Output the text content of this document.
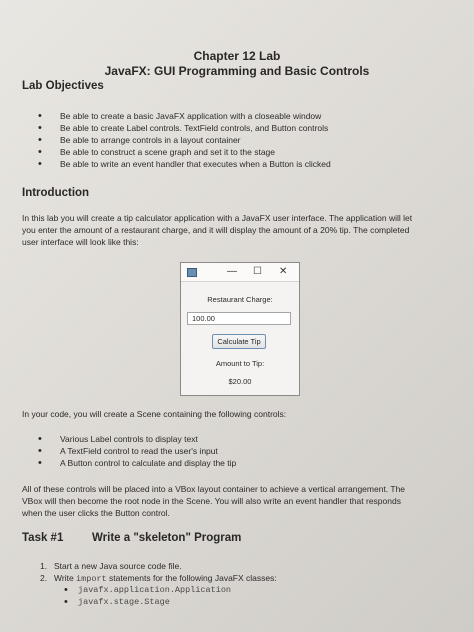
Chapter 12 Lab
JavaFX: GUI Programming and Basic Controls
Lab Objectives
• Be able to create a basic JavaFX application with a closeable window
• Be able to create Label controls. TextField controls, and Button controls
• Be able to arrange controls in a layout container
• Be able to construct a scene graph and set it to the stage
• Be able to write an event handler that executes when a Button is clicked
Introduction
In this lab you will create a tip calculator application with a JavaFX user interface. The application will let
you enter the amount of a restaurant charge, and it will display the amount of a 20% tip. The completed
user interface will look like this:
— ☐ ✕
Restaurant Charge:
100.00
Calculate Tip
Amount to Tip:
$20.00
In your code, you will create a Scene containing the following controls:
• Various Label controls to display text
• A TextField control to read the user's input
• A Button control to calculate and display the tip
All of these controls will be placed into a VBox layout container to achieve a vertical arrangement. The
VBox will then become the root node in the Scene. You will also write an event handler that responds
when the user clicks the Button control.
Task #1 Write a "skeleton" Program
1. Start a new Java source code file.
2. Write import statements for the following JavaFX classes:
• javafx.application.Application
• javafx.stage.Stage
